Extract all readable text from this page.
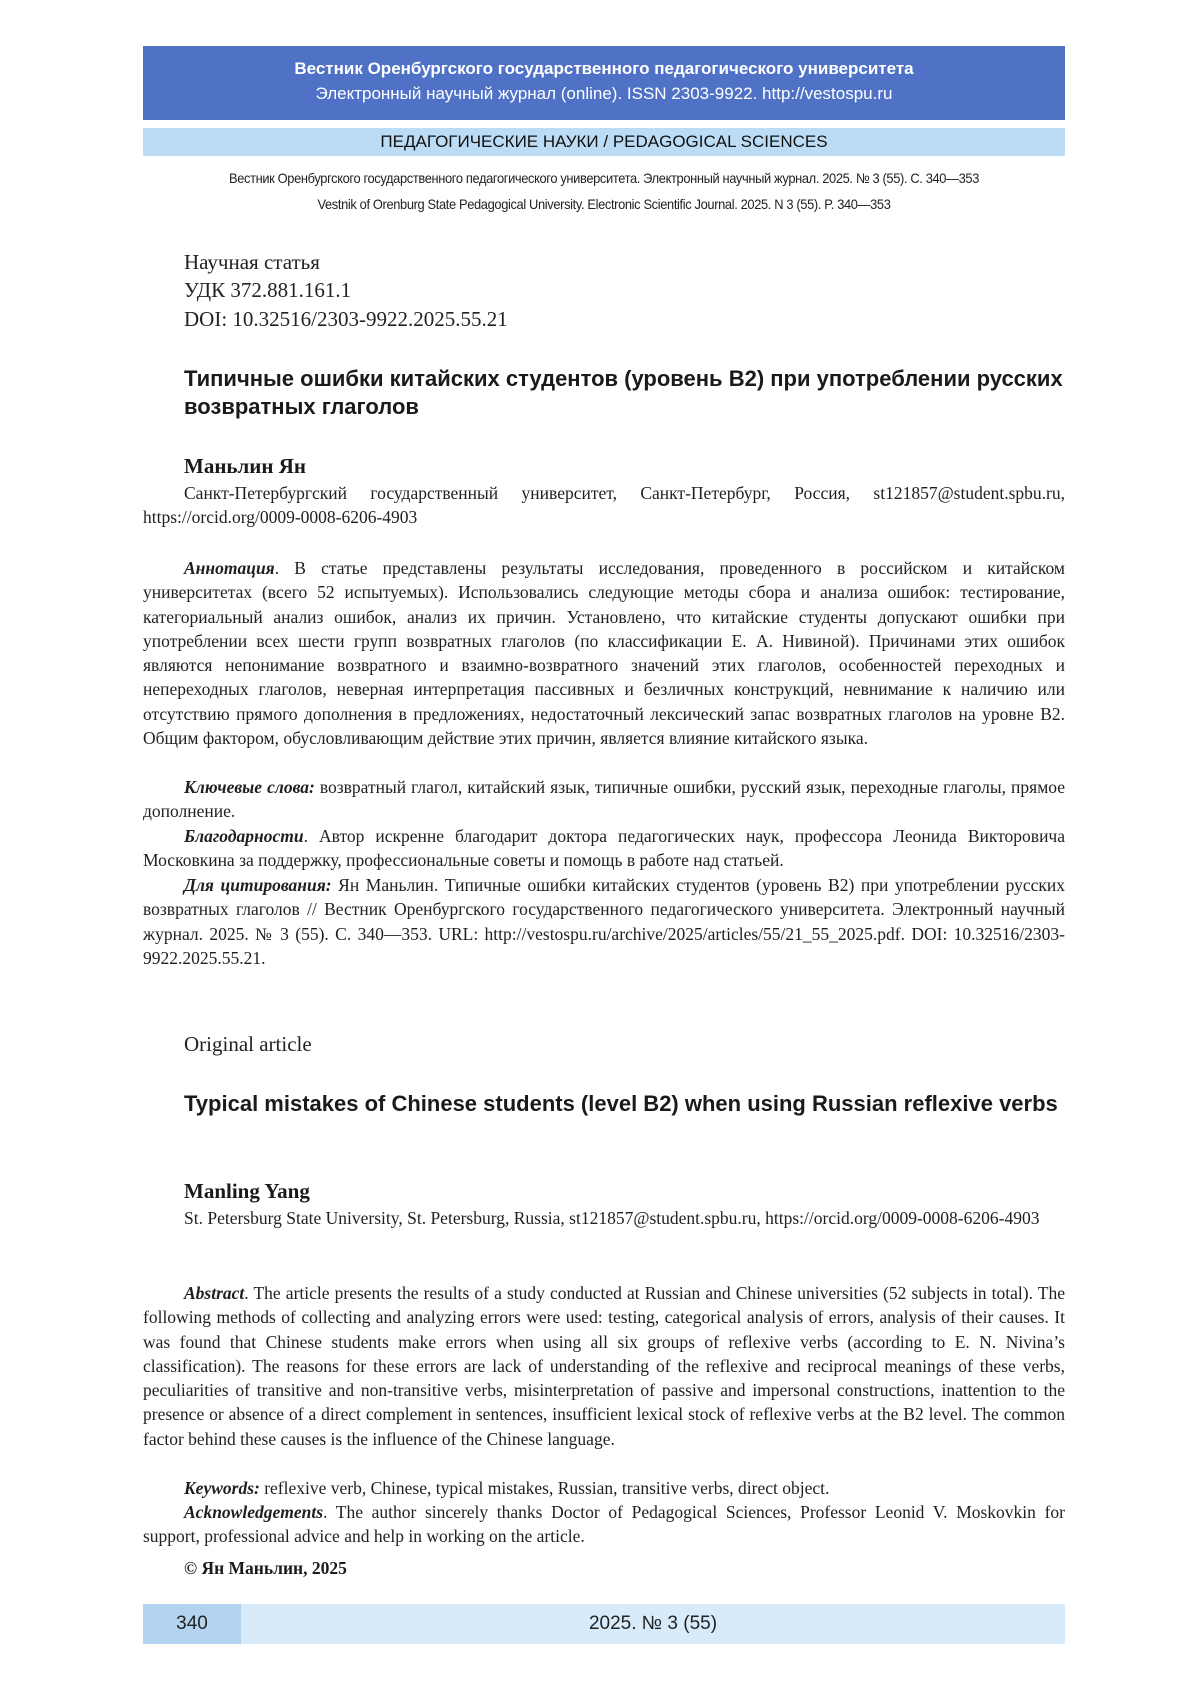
Вестник Оренбургского государственного педагогического университета
Электронный научный журнал (online). ISSN 2303-9922. http://vestospu.ru
ПЕДАГОГИЧЕСКИЕ НАУКИ / PEDAGOGICAL SCIENCES
Вестник Оренбургского государственного педагогического университета. Электронный научный журнал. 2025. № 3 (55). С. 340—353
Vestnik of Orenburg State Pedagogical University. Electronic Scientific Journal. 2025. N 3 (55). P. 340—353
Научная статья
УДК 372.881.161.1
DOI: 10.32516/2303-9922.2025.55.21
Типичные ошибки китайских студентов (уровень B2) при употреблении русских возвратных глаголов
Маньлин Ян
Санкт-Петербургский государственный университет, Санкт-Петербург, Россия, st121857@student.spbu.ru, https://orcid.org/0009-0008-6206-4903
Аннотация. В статье представлены результаты исследования, проведенного в российском и китайском университетах (всего 52 испытуемых). Использовались следующие методы сбора и анализа ошибок: тестирование, категориальный анализ ошибок, анализ их причин. Установлено, что китайские студенты допускают ошибки при употреблении всех шести групп возвратных глаголов (по классификации Е. А. Нивиной). Причинами этих ошибок являются непонимание возвратного и взаимно-возвратного значений этих глаголов, особенностей переходных и непереходных глаголов, неверная интерпретация пассивных и безличных конструкций, невнимание к наличию или отсутствию прямого дополнения в предложениях, недостаточный лексический запас возвратных глаголов на уровне B2. Общим фактором, обусловливающим действие этих причин, является влияние китайского языка.
Ключевые слова: возвратный глагол, китайский язык, типичные ошибки, русский язык, переходные глаголы, прямое дополнение.
Благодарности. Автор искренне благодарит доктора педагогических наук, профессора Леонида Викторовича Московкина за поддержку, профессиональные советы и помощь в работе над статьей.
Для цитирования: Ян Маньлин. Типичные ошибки китайских студентов (уровень B2) при употреблении русских возвратных глаголов // Вестник Оренбургского государственного педагогического университета. Электронный научный журнал. 2025. № 3 (55). С. 340—353. URL: http://vestospu.ru/archive/2025/articles/55/21_55_2025.pdf. DOI: 10.32516/2303-9922.2025.55.21.
Original article
Typical mistakes of Chinese students (level B2) when using Russian reflexive verbs
Manling Yang
St. Petersburg State University, St. Petersburg, Russia, st121857@student.spbu.ru, https://orcid.org/0009-0008-6206-4903
Abstract. The article presents the results of a study conducted at Russian and Chinese universities (52 subjects in total). The following methods of collecting and analyzing errors were used: testing, categorical analysis of errors, analysis of their causes. It was found that Chinese students make errors when using all six groups of reflexive verbs (according to E. N. Nivina’s classification). The reasons for these errors are lack of understanding of the reflexive and reciprocal meanings of these verbs, peculiarities of transitive and non-transitive verbs, misinterpretation of passive and impersonal constructions, inattention to the presence or absence of a direct complement in sentences, insufficient lexical stock of reflexive verbs at the B2 level. The common factor behind these causes is the influence of the Chinese language.
Keywords: reflexive verb, Chinese, typical mistakes, Russian, transitive verbs, direct object.
Acknowledgements. The author sincerely thanks Doctor of Pedagogical Sciences, Professor Leonid V. Moskovkin for support, professional advice and help in working on the article.
© Ян Маньлин, 2025
340	2025. № 3 (55)
